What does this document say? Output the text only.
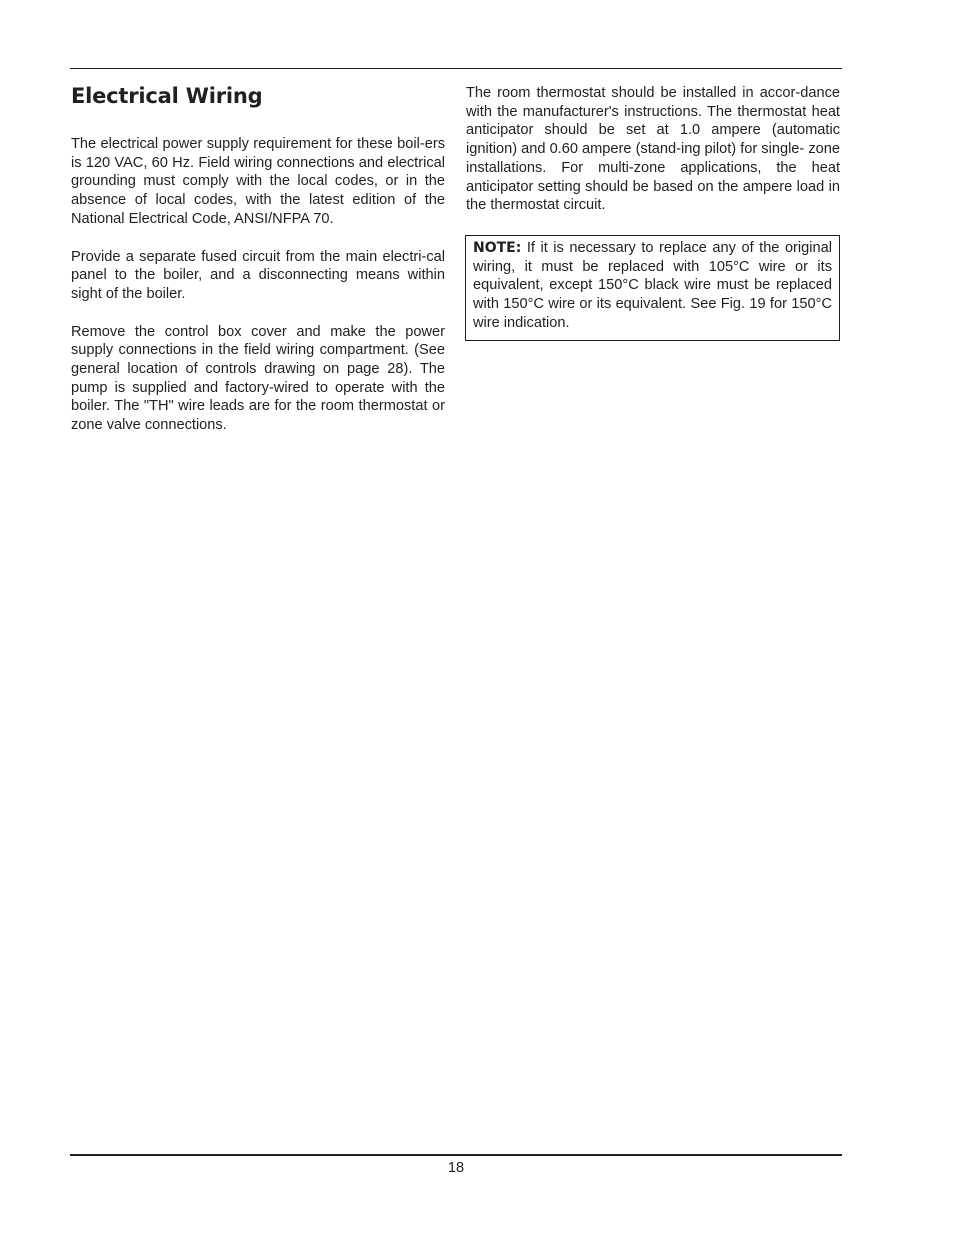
Electrical Wiring

The electrical power supply requirement for these boil-ers is 120 VAC, 60 Hz. Field wiring connections and electrical grounding must comply with the local codes, or in the absence of local codes, with the latest edition of the National Electrical Code, ANSI/NFPA 70.

Provide a separate fused circuit from the main electri-cal panel to the boiler, and a disconnecting means within sight of the boiler.

Remove the control box cover and make the power supply connections in the field wiring compartment. (See general location of controls drawing on page 28). The pump is supplied and factory-wired to operate with the boiler. The "TH" wire leads are for the room thermostat or zone valve connections.

The room thermostat should be installed in accor-dance with the manufacturer's instructions. The thermostat heat anticipator should be set at 1.0 ampere (automatic ignition) and 0.60 ampere (stand-ing pilot) for single- zone installations. For multi-zone applications, the heat anticipator setting should be based on the ampere load in the thermostat circuit.

NOTE: If it is necessary to replace any of the original wiring, it must be replaced with 105°C wire or its equivalent, except 150°C black wire must be replaced with 150°C wire or its equivalent. See Fig. 19 for 150°C wire indication.

18
